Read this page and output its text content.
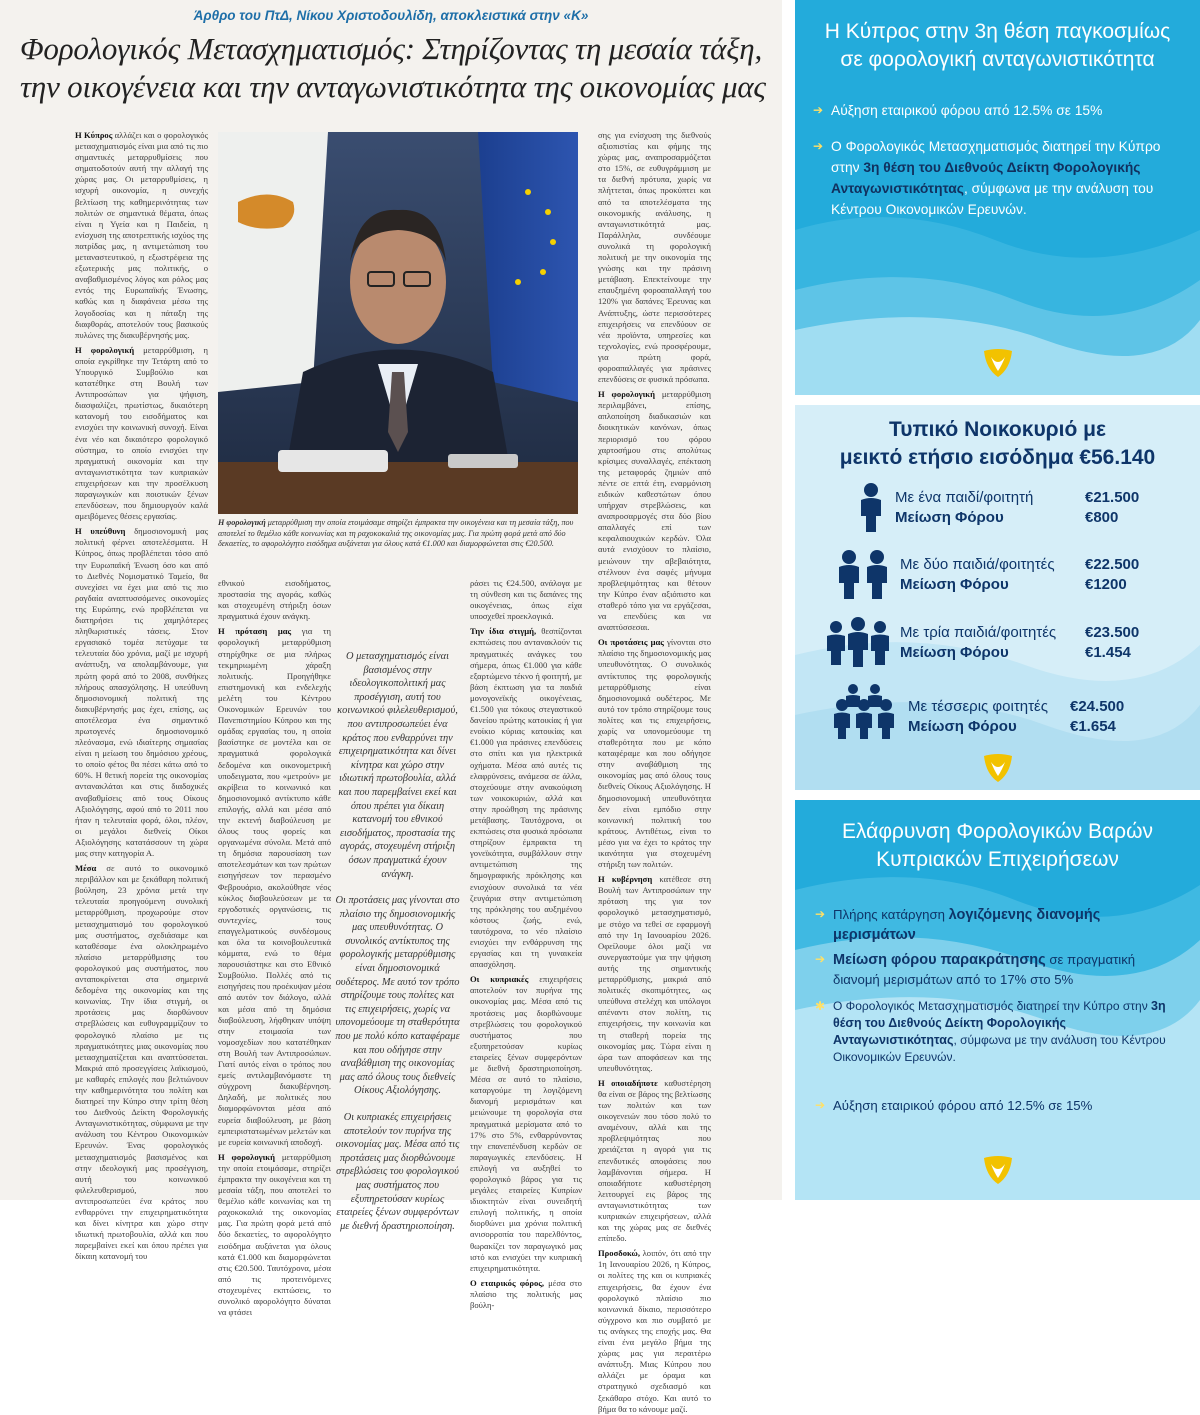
Άρθρο του ΠτΔ, Νίκου Χριστοδουλίδη, αποκλειστικά στην «Κ»
Φορολογικός Μετασχηματισμός: Στηρίζοντας τη μεσαία τάξη,
την οικογένεια και την ανταγωνιστικότητα της οικονομίας μας

Η Κύπρος αλλάζει και ο φορολογικός μετασχηματισμός είναι μια από τις πιο σημαντικές μεταρρυθμίσεις που σηματοδοτούν αυτή την αλλαγή της χώρας μας. Οι μεταρρυθμίσεις, η ισχυρή οικονομία, η συνεχής βελτίωση της καθημερινότητας των πολιτών σε σημαντικά θέματα, όπως είναι η Υγεία και η Παιδεία, η ενίσχυση της αποτρεπτικής ισχύος της πατρίδας μας, η αντιμετώπιση του μεταναστευτικού, η εξωστρέφεια της εξωτερικής μας πολιτικής, ο αναβαθμισμένος λόγος και ρόλος μας εντός της Ευρωπαϊκής Ένωσης, καθώς και η διαφάνεια μέσω της λογοδοσίας και η πάταξη της διαφθοράς, αποτελούν τους βασικούς πυλώνες της διακυβέρνησής μας.

Η φορολογική μεταρρύθμιση, η οποία εγκρίθηκε την Τετάρτη από το Υπουργικό Συμβούλιο και κατατέθηκε στη Βουλή των Αντιπροσώπων για ψήφιση, διασφαλίζει, πρωτίστως, δικαιότερη κατανομή του εισοδήματος και ενισχύει την κοινωνική συνοχή. Είναι ένα νέο και δικαιότερο φορολογικό σύστημα, το οποίο ενισχύει την πραγματική οικονομία και την ανταγωνιστικότητα των κυπριακών επιχειρήσεων και την προσέλκυση παραγωγικών και ποιοτικών ξένων επενδύσεων, που δημιουργούν καλά αμειβόμενες θέσεις εργασίας.

Η υπεύθυνη δημοσιονομική μας πολιτική φέρνει αποτελέσματα. Η Κύπρος, όπως προβλέπεται τόσο από την Ευρωπαϊκή Ένωση όσο και από το Διεθνές Νομισματικό Ταμείο, θα συνεχίσει να έχει μια από τις πιο ραγδαία αναπτυσσόμενες οικονομίες της Ευρώπης, ενώ προβλέπεται να διατηρήσει τις χαμηλότερες πληθωριστικές τάσεις. Στον εργασιακό τομέα πετύχαμε τα τελευταία δύο χρόνια, μαζί με ισχυρή ανάπτυξη, να απολαμβάνουμε, για πρώτη φορά από το 2008, συνθήκες πλήρους απασχόλησης. Η υπεύθυνη δημοσιονομική πολιτική της διακυβέρνησής μας έχει, επίσης, ως αποτέλεσμα ένα σημαντικό πρωτογενές δημοσιονομικό πλεόνασμα, ενώ ιδιαίτερης σημασίας είναι η μείωση του δημόσιου χρέους, το οποίο φέτος θα πέσει κάτω από το 60%. Η θετική πορεία της οικονομίας αντανακλάται και στις διαδοχικές αναβαθμίσεις από τους Οίκους Αξιολόγησης, αφού από το 2011 που ήταν η τελευταία φορά, όλοι, πλέον, οι μεγάλοι διεθνείς Οίκοι Αξιολόγησης κατατάσσουν τη χώρα μας στην κατηγορία Α.

Μέσα σε αυτό το οικονομικό περιβάλλον και με ξεκάθαρη πολιτική βούληση, 23 χρόνια μετά την τελευταία προηγούμενη συνολική μεταρρύθμιση, προχωρούμε στον μετασχηματισμό του φορολογικού μας συστήματος, σχεδιάσαμε και καταθέσαμε ένα ολοκληρωμένο πλαίσιο μεταρρύθμισης του φορολογικού μας συστήματος, που ανταποκρίνεται στα σημερινά δεδομένα της οικονομίας και της κοινωνίας. Την ίδια στιγμή, οι προτάσεις μας διορθώνουν στρεβλώσεις και ευθυγραμμίζουν το φορολογικό πλαίσιο με τις πραγματικότητες μιας οικονομίας που μετασχηματίζεται και αναπτύσσεται. Μακριά από προσεγγίσεις λαϊκισμού, με καθαρές επιλογές που βελτιώνουν την καθημερινότητα του πολίτη και διατηρεί την Κύπρο στην τρίτη θέση του Διεθνούς Δείκτη Φορολογικής Ανταγωνιστικότητας, σύμφωνα με την ανάλυση του Κέντρου Οικονομικών Ερευνών. Ένας φορολογικός μετασχηματισμός βασισμένος και στην ιδεολογική μας προσέγγιση, αυτή του κοινωνικού φιλελευθερισμού, που αντιπροσωπεύει ένα κράτος που ενθαρρύνει την επιχειρηματικότητα και δίνει κίνητρα και χώρο στην ιδιωτική πρωτοβουλία, αλλά και που παρεμβαίνει εκεί και όπου πρέπει για δίκαιη κατανομή του

Η φορολογική μεταρρύθμιση την οποία ετοιμάσαμε στηρίζει έμπρακτα την οικογένεια και τη μεσαία τάξη, που αποτελεί το θεμέλιο κάθε κοινωνίας και τη ραχοκοκαλιά της οικονομίας μας. Για πρώτη φορά μετά από δύο δεκαετίες, το αφορολόγητο εισόδημα αυξάνεται για όλους κατά €1.000 και διαμορφώνεται στις €20.500.

εθνικού εισοδήματος, προστασία της αγοράς, καθώς και στοχευμένη στήριξη όσων πραγματικά έχουν ανάγκη.

Η πρόταση μας για τη φορολογική μεταρρύθμιση στηρίχθηκε σε μια πλήρως τεκμηριωμένη χάραξη πολιτικής. Προηγήθηκε επιστημονική και ενδελεχής μελέτη του Κέντρου Οικονομικών Ερευνών του Πανεπιστημίου Κύπρου και της ομάδας εργασίας του, η οποία βασίστηκε σε μοντέλα και σε πραγματικά φορολογικά δεδομένα και οικονομετρική υποδειγματα, που «μετρούν» με ακρίβεια το κοινωνικό και δημοσιονομικό αντίκτυπο κάθε επιλογής, αλλά και μέσα από την εκτενή διαβούλευση με όλους τους φορείς και οργανωμένα σύνολα. Μετά από τη δημόσια παρουσίαση των αποτελεσμάτων και των πρώτων εισηγήσεων τον περασμένο Φεβρουάριο, ακολούθησε νέος κύκλος διαβουλεύσεων με τα εργοδοτικές οργανώσεις, τις συντεχνίες, τους επαγγελματικούς συνδέσμους και όλα τα κοινοβουλευτικά κόμματα, ενώ το θέμα παρουσιάστηκε και στο Εθνικό Συμβούλιο. Πολλές από τις εισηγήσεις που προέκυψαν μέσα από αυτόν τον διάλογο, αλλά και μέσα από τη δημόσια διαβούλευση, λήφθηκαν υπόψη στην ετοιμασία των νομοσχεδίων που κατατέθηκαν στη Βουλή των Αντιπροσώπων. Γιατί αυτός είναι ο τρόπος που εμείς αντιλαμβανόμαστε τη σύγχρονη διακυβέρνηση. Δηλαδή, με πολιτικές που διαμορφώνονται μέσα από ευρεία διαβούλευση, με βάση εμπειριστατωμένων μελετών και με ευρεία κοινωνική αποδοχή.

Η φορολογική μεταρρύθμιση την οποία ετοιμάσαμε, στηρίζει έμπρακτα την οικογένεια και τη μεσαία τάξη, που αποτελεί το θεμέλιο κάθε κοινωνίας και τη ραχοκοκαλιά της οικονομίας μας. Για πρώτη φορά μετά από δύο δεκαετίες, το αφορολόγητο εισόδημα αυξάνεται για όλους κατά €1.000 και διαμορφώνεται στις €20.500. Ταυτόχρονα, μέσα από τις προτεινόμενες στοχευμένες εκπτώσεις, το συνολικό αφορολόγητο δύναται να φτάσει

Ο μετασχηματισμός είναι βασισμένος στην ιδεολογικοπολιτική μας προσέγγιση, αυτή του κοινωνικού φιλελευθερισμού, που αντιπροσωπεύει ένα κράτος που ενθαρρύνει την επιχειρηματικότητα και δίνει κίνητρα και χώρο στην ιδιωτική πρωτοβουλία, αλλά και που παρεμβαίνει εκεί και όπου πρέπει για δίκαιη κατανομή του εθνικού εισοδήματος, προστασία της αγοράς, στοχευμένη στήριξη όσων πραγματικά έχουν ανάγκη.

Οι προτάσεις μας γίνονται στο πλαίσιο της δημοσιονομικής μας υπευθυνότητας. Ο συνολικός αντίκτυπος της φορολογικής μεταρρύθμισης είναι δημοσιονομικά ουδέτερος. Με αυτό τον τρόπο στηρίζουμε τους πολίτες και τις επιχειρήσεις, χωρίς να υπονομεύουμε τη σταθερότητα που με πολύ κόπο καταφέραμε και που οδήγησε στην αναβάθμιση της οικονομίας μας από όλους τους διεθνείς Οίκους Αξιολόγησης.

Οι κυπριακές επιχειρήσεις αποτελούν τον πυρήνα της οικονομίας μας. Μέσα από τις προτάσεις μας διορθώνουμε στρεβλώσεις του φορολογικού μας συστήματος που εξυπηρετούσαν κυρίως εταιρείες ξένων συμφερόντων με διεθνή δραστηριοποίηση.

ράσει τις €24.500, ανάλογα με τη σύνθεση και τις δαπάνες της οικογένειας, όπως είχα υποσχεθεί προεκλογικά.

Την ίδια στιγμή, θεσπίζονται εκπτώσεις που αντανακλούν τις πραγματικές ανάγκες του σήμερα, όπως €1.000 για κάθε εξαρτώμενο τέκνο ή φοιτητή, με βάση έκπτωση για τα παιδιά μονογονεϊκής οικογένειας, €1.500 για τόκους στεγαστικού δανείου πρώτης κατοικίας ή για ενοίκιο κύριας κατοικίας και €1.000 για πράσινες επενδύσεις στο σπίτι και για ηλεκτρικά οχήματα. Μέσα από αυτές τις ελαφρύνσεις, ανάμεσα σε άλλα, στοχεύουμε στην ανακούφιση των νοικοκυριών, αλλά και στην προώθηση της πράσινης μετάβασης. Ταυτόχρονα, οι εκπτώσεις στα φυσικά πρόσωπα στηρίζουν έμπρακτα τη γονεϊκότητα, συμβάλλουν στην αντιμετώπιση της δημογραφικής πρόκλησης και ενισχύουν συνολικά τα νέα ζευγάρια στην αντιμετώπιση της πρόκλησης του αυξημένου κόστους ζωής, ενώ, ταυτόχρονα, το νέο πλαίσιο ενισχύει την ενθάρρυνση της εργασίας και τη γυναικεία απασχόληση.

Οι κυπριακές επιχειρήσεις αποτελούν τον πυρήνα της οικονομίας μας. Μέσα από τις προτάσεις μας διορθώνουμε στρεβλώσεις του φορολογικού συστήματος που εξυπηρετούσαν κυρίως εταιρείες ξένων συμφερόντων με διεθνή δραστηριοποίηση. Μέσα σε αυτό το πλαίσιο, καταργούμε τη λογιζόμενη διανομή μερισμάτων και μειώνουμε τη φορολογία στα πραγματικά μερίσματα από το 17% στο 5%, ενθαρρύνοντας την επανεπένδυση κερδών σε παραγωγικές επενδύσεις. Η επιλογή να αυξηθεί το φορολογικό βάρος για τις μεγάλες εταιρείες Κυπρίων ιδιοκτητών είναι συνειδητή επιλογή πολιτικής, η οποία διορθώνει μια χρόνια πολιτική ανισορροπία του παρελθόντος, θωρακίζει τον παραγωγικό μας ιστό και ενισχύει την κυπριακή επιχειρηματικότητα.

Ο εταιρικός φόρος, μέσα στο πλαίσιο της πολιτικής μας βούλη-

σης για ενίσχυση της διεθνούς αξιοπιστίας και φήμης της χώρας μας, αναπροσαρμόζεται στο 15%, σε ευθυγράμμιση με τα διεθνή πρότυπα, χωρίς να πλήττεται, όπως προκύπτει και από τα αποτελέσματα της οικονομικής ανάλυσης, η ανταγωνιστικότητά μας. Παράλληλα, συνδέουμε συνολικά τη φορολογική πολιτική με την οικονομία της γνώσης και την πράσινη μετάβαση. Επεκτείνουμε την επαυξημένη φοροαπαλλαγή του 120% για δαπάνες Έρευνας και Ανάπτυξης, ώστε περισσότερες επιχειρήσεις να επενδύουν σε νέα προϊόντα, υπηρεσίες και τεχνολογίες, ενώ προσφέρουμε, για πρώτη φορά, φοροαπαλλαγές για πράσινες επενδύσεις σε φυσικά πρόσωπα.

Η φορολογική μεταρρύθμιση περιλαμβάνει, επίσης, απλοποίηση διαδικασιών και διοικητικών κανόνων, όπως περιορισμό του φόρου χαρτοσήμου στις απολύτως κρίσιμες συναλλαγές, επέκταση της μεταφοράς ζημιών από πέντε σε επτά έτη, εναρμόνιση ειδικών καθεστώτων όπου υπήρχαν στρεβλώσεις, και αναπροσαρμογές στα δύο βίου απαλλαγές επί των κεφαλαιουχικών κερδών. Όλα αυτά ενισχύουν το πλαίσιο, μειώνουν την αβεβαιότητα, στέλνουν ένα σαφές μήνυμα προβλεψιμότητας και θέτουν την Κύπρο έναν αξιόπιστο και σταθερό τόπο για να εργάζεσαι, να επενδύεις και να αναπτύσσεσαι.

Οι προτάσεις μας γίνονται στο πλαίσιο της δημοσιονομικής μας υπευθυνότητας. Ο συνολικός αντίκτυπος της φορολογικής μεταρρύθμισης είναι δημοσιονομικά ουδέτερος. Με αυτό τον τρόπο στηρίζουμε τους πολίτες και τις επιχειρήσεις, χωρίς να υπονομεύουμε τη σταθερότητα που με κόπο καταφέραμε και που οδήγησε στην αναβάθμιση της οικονομίας μας από όλους τους διεθνείς Οίκους Αξιολόγησης. Η δημοσιονομική υπευθυνότητα δεν είναι εμπόδιο στην κοινωνική πολιτική του κράτους. Αντιθέτως, είναι το μέσο για να έχει το κράτος την ικανότητα για στοχευμένη στήριξη των πολιτών.

Η κυβέρνηση κατέθεσε στη Βουλή των Αντιπροσώπων την πρόταση της για τον φορολογικό μετασχηματισμό, με στόχο να τεθεί σε εφαρμογή από την 1η Ιανουαρίου 2026. Οφείλουμε όλοι μαζί να συνεργαστούμε για την ψήφιση αυτής της σημαντικής μεταρρύθμισης, μακριά από πολιτικές σκοπιμότητες, ως υπεύθυνα στελέχη και υπόλογοι απέναντι στον πολίτη, τις επιχειρήσεις, την κοινωνία και τη σταθερή πορεία της οικονομίας μας. Τώρα είναι η ώρα των αποφάσεων και της υπευθυνότητας.

Η οποιαδήποτε καθυστέρηση θα είναι σε βάρος της βελτίωσης των πολιτών και των οικογενειών που τόσο πολύ το αναμένουν, αλλά και της προβλεψιμότητας που χρειάζεται η αγορά για τις επενδυτικές αποφάσεις που λαμβάνονται σήμερα. Η οποιαδήποτε καθυστέρηση λειτουργεί εις βάρος της ανταγωνιστικότητας των κυπριακών επιχειρήσεων, αλλά και της χώρας μας σε διεθνές επίπεδο.

Προσδοκώ, λοιπόν, ότι από την 1η Ιανουαρίου 2026, η Κύπρος, οι πολίτες της και οι κυπριακές επιχειρήσεις, θα έχουν ένα φορολογικό πλαίσιο πιο κοινωνικά δίκαιο, περισσότερο σύγχρονο και πιο συμβατό με τις ανάγκες της εποχής μας. Θα είναι ένα μεγάλο βήμα της χώρας μας για περαιτέρω ανάπτυξη. Μιας Κύπρου που αλλάζει με όραμα και στρατηγικό σχεδιασμό και ξεκάθαρο στόχο. Και αυτό το βήμα θα το κάνουμε μαζί.

Η Κύπρος στην 3η θέση παγκοσμίως
σε φορολογική ανταγωνιστικότητα
➔ Αύξηση εταιρικού φόρου από 12.5% σε 15%
➔ Ο Φορολογικός Μετασχηματισμός διατηρεί την Κύπρο στην 3η θέση του Διεθνούς Δείκτη Φορολογικής Ανταγωνιστικότητας, σύμφωνα με την ανάλυση του Κέντρου Οικονομικών Ερευνών.
Τυπικό Νοικοκυριό με
μεικτό ετήσιο εισόδημα €56.140
Με ένα παιδί/φοιτητή
Μείωση Φόρου
€21.500
€800
Με δύο παιδιά/φοιτητές
Μείωση Φόρου
€22.500
€1200
Με τρία παιδιά/φοιτητές
Μείωση Φόρου
€23.500
€1.454
Με τέσσερις φοιτητές
Μείωση Φόρου
€24.500
€1.654
Ελάφρυνση Φορολογικών Βαρών
Κυπριακών Επιχειρήσεων
➔ Πλήρης κατάργηση λογιζόμενης διανομής μερισμάτων
➔ Μείωση φόρου παρακράτησης σε πραγματική διανομή μερισμάτων από το 17% στο 5%
✱ Ο Φορολογικός Μετασχηματισμός διατηρεί την Κύπρο στην 3η θέση του Διεθνούς Δείκτη Φορολογικής Ανταγωνιστικότητας, σύμφωνα με την ανάλυση του Κέντρου Οικονομικών Ερευνών.
➔ Αύξηση εταιρικού φόρου από 12.5% σε 15%
